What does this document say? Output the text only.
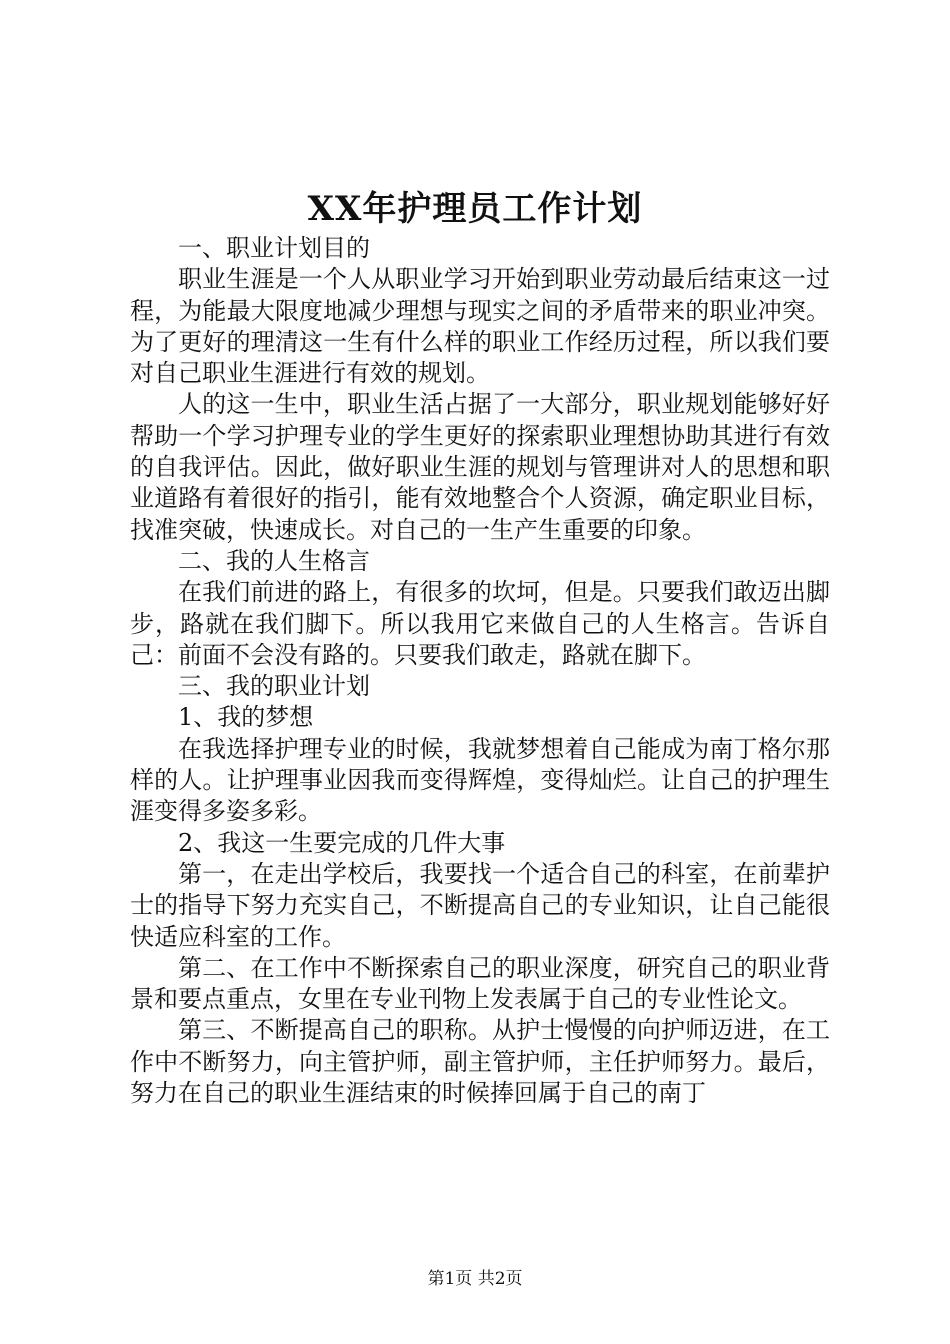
XX年护理员工作计划

一、职业计划目的

职业生涯是一个人从职业学习开始到职业劳动最后结束这一过程，为能最大限度地减少理想与现实之间的矛盾带来的职业冲突。为了更好的理清这一生有什么样的职业工作经历过程，所以我们要对自己职业生涯进行有效的规划。

人的这一生中，职业生活占据了一大部分，职业规划能够好好帮助一个学习护理专业的学生更好的探索职业理想协助其进行有效的自我评估。因此，做好职业生涯的规划与管理讲对人的思想和职业道路有着很好的指引，能有效地整合个人资源，确定职业目标，找准突破，快速成长。对自己的一生产生重要的印象。

二、我的人生格言

在我们前进的路上，有很多的坎坷，但是。只要我们敢迈出脚步，路就在我们脚下。所以我用它来做自己的人生格言。告诉自己：前面不会没有路的。只要我们敢走，路就在脚下。

三、我的职业计划

1、我的梦想

在我选择护理专业的时候，我就梦想着自己能成为南丁格尔那样的人。让护理事业因我而变得辉煌，变得灿烂。让自己的护理生涯变得多姿多彩。

2、我这一生要完成的几件大事

第一，在走出学校后，我要找一个适合自己的科室，在前辈护士的指导下努力充实自己，不断提高自己的专业知识，让自己能很快适应科室的工作。

第二、在工作中不断探索自己的职业深度，研究自己的职业背景和要点重点，女里在专业刊物上发表属于自己的专业性论文。

第三、不断提高自己的职称。从护士慢慢的向护师迈进，在工作中不断努力，向主管护师，副主管护师，主任护师努力。最后，努力在自己的职业生涯结束的时候捧回属于自己的南丁

第1页 共2页
